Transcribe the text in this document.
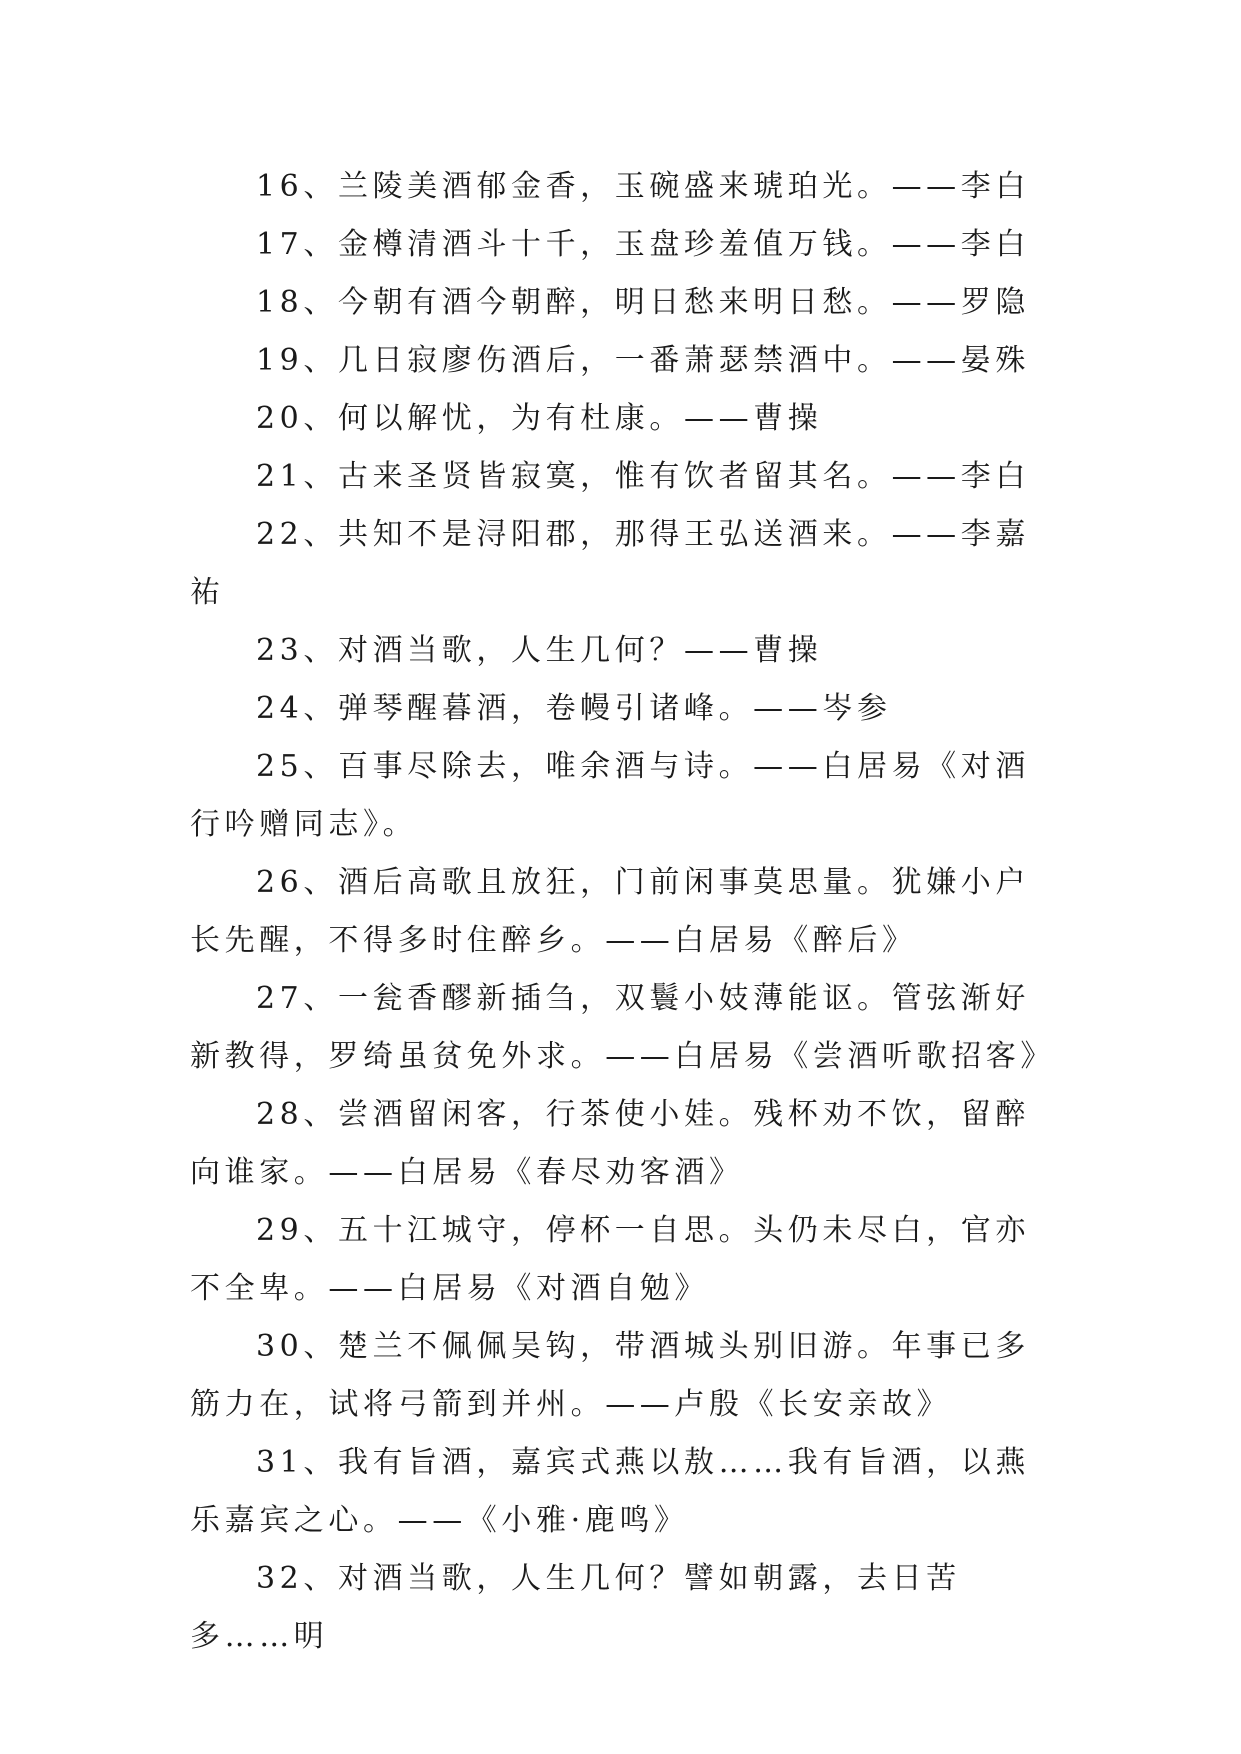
16、兰陵美酒郁金香，玉碗盛来琥珀光。——李白

17、金樽清酒斗十千，玉盘珍羞值万钱。——李白

18、今朝有酒今朝醉，明日愁来明日愁。——罗隐

19、几日寂廖伤酒后，一番萧瑟禁酒中。——晏殊

20、何以解忧，为有杜康。——曹操

21、古来圣贤皆寂寞，惟有饮者留其名。——李白

22、共知不是浔阳郡，那得王弘送酒来。——李嘉祐

23、对酒当歌，人生几何？——曹操

24、弹琴醒暮酒，卷幔引诸峰。——岑参

25、百事尽除去，唯余酒与诗。——白居易《对酒行吟赠同志》。

26、酒后高歌且放狂，门前闲事莫思量。犹嫌小户长先醒，不得多时住醉乡。——白居易《醉后》

27、一瓮香醪新插刍，双鬟小妓薄能讴。管弦渐好新教得，罗绮虽贫免外求。——白居易《尝酒听歌招客》

28、尝酒留闲客，行茶使小娃。残杯劝不饮，留醉向谁家。——白居易《春尽劝客酒》

29、五十江城守，停杯一自思。头仍未尽白，官亦不全卑。——白居易《对酒自勉》

30、楚兰不佩佩吴钩，带酒城头别旧游。年事已多筋力在，试将弓箭到并州。——卢殷《长安亲故》

31、我有旨酒，嘉宾式燕以敖……我有旨酒，以燕乐嘉宾之心。——《小雅·鹿鸣》

32、对酒当歌，人生几何？譬如朝露，去日苦多……明
